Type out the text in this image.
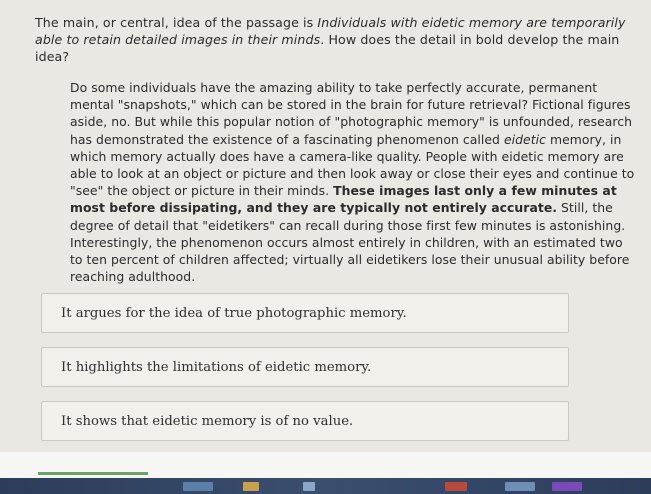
The main, or central, idea of the passage is Individuals with eidetic memory are temporarily able to retain detailed images in their minds. How does the detail in bold develop the main idea?
Do some individuals have the amazing ability to take perfectly accurate, permanent mental "snapshots," which can be stored in the brain for future retrieval? Fictional figures aside, no. But while this popular notion of "photographic memory" is unfounded, research has demonstrated the existence of a fascinating phenomenon called eidetic memory, in which memory actually does have a camera-like quality. People with eidetic memory are able to look at an object or picture and then look away or close their eyes and continue to "see" the object or picture in their minds. These images last only a few minutes at most before dissipating, and they are typically not entirely accurate. Still, the degree of detail that "eidetikers" can recall during those first few minutes is astonishing. Interestingly, the phenomenon occurs almost entirely in children, with an estimated two to ten percent of children affected; virtually all eidetikers lose their unusual ability before reaching adulthood.
It argues for the idea of true photographic memory.
It highlights the limitations of eidetic memory.
It shows that eidetic memory is of no value.
